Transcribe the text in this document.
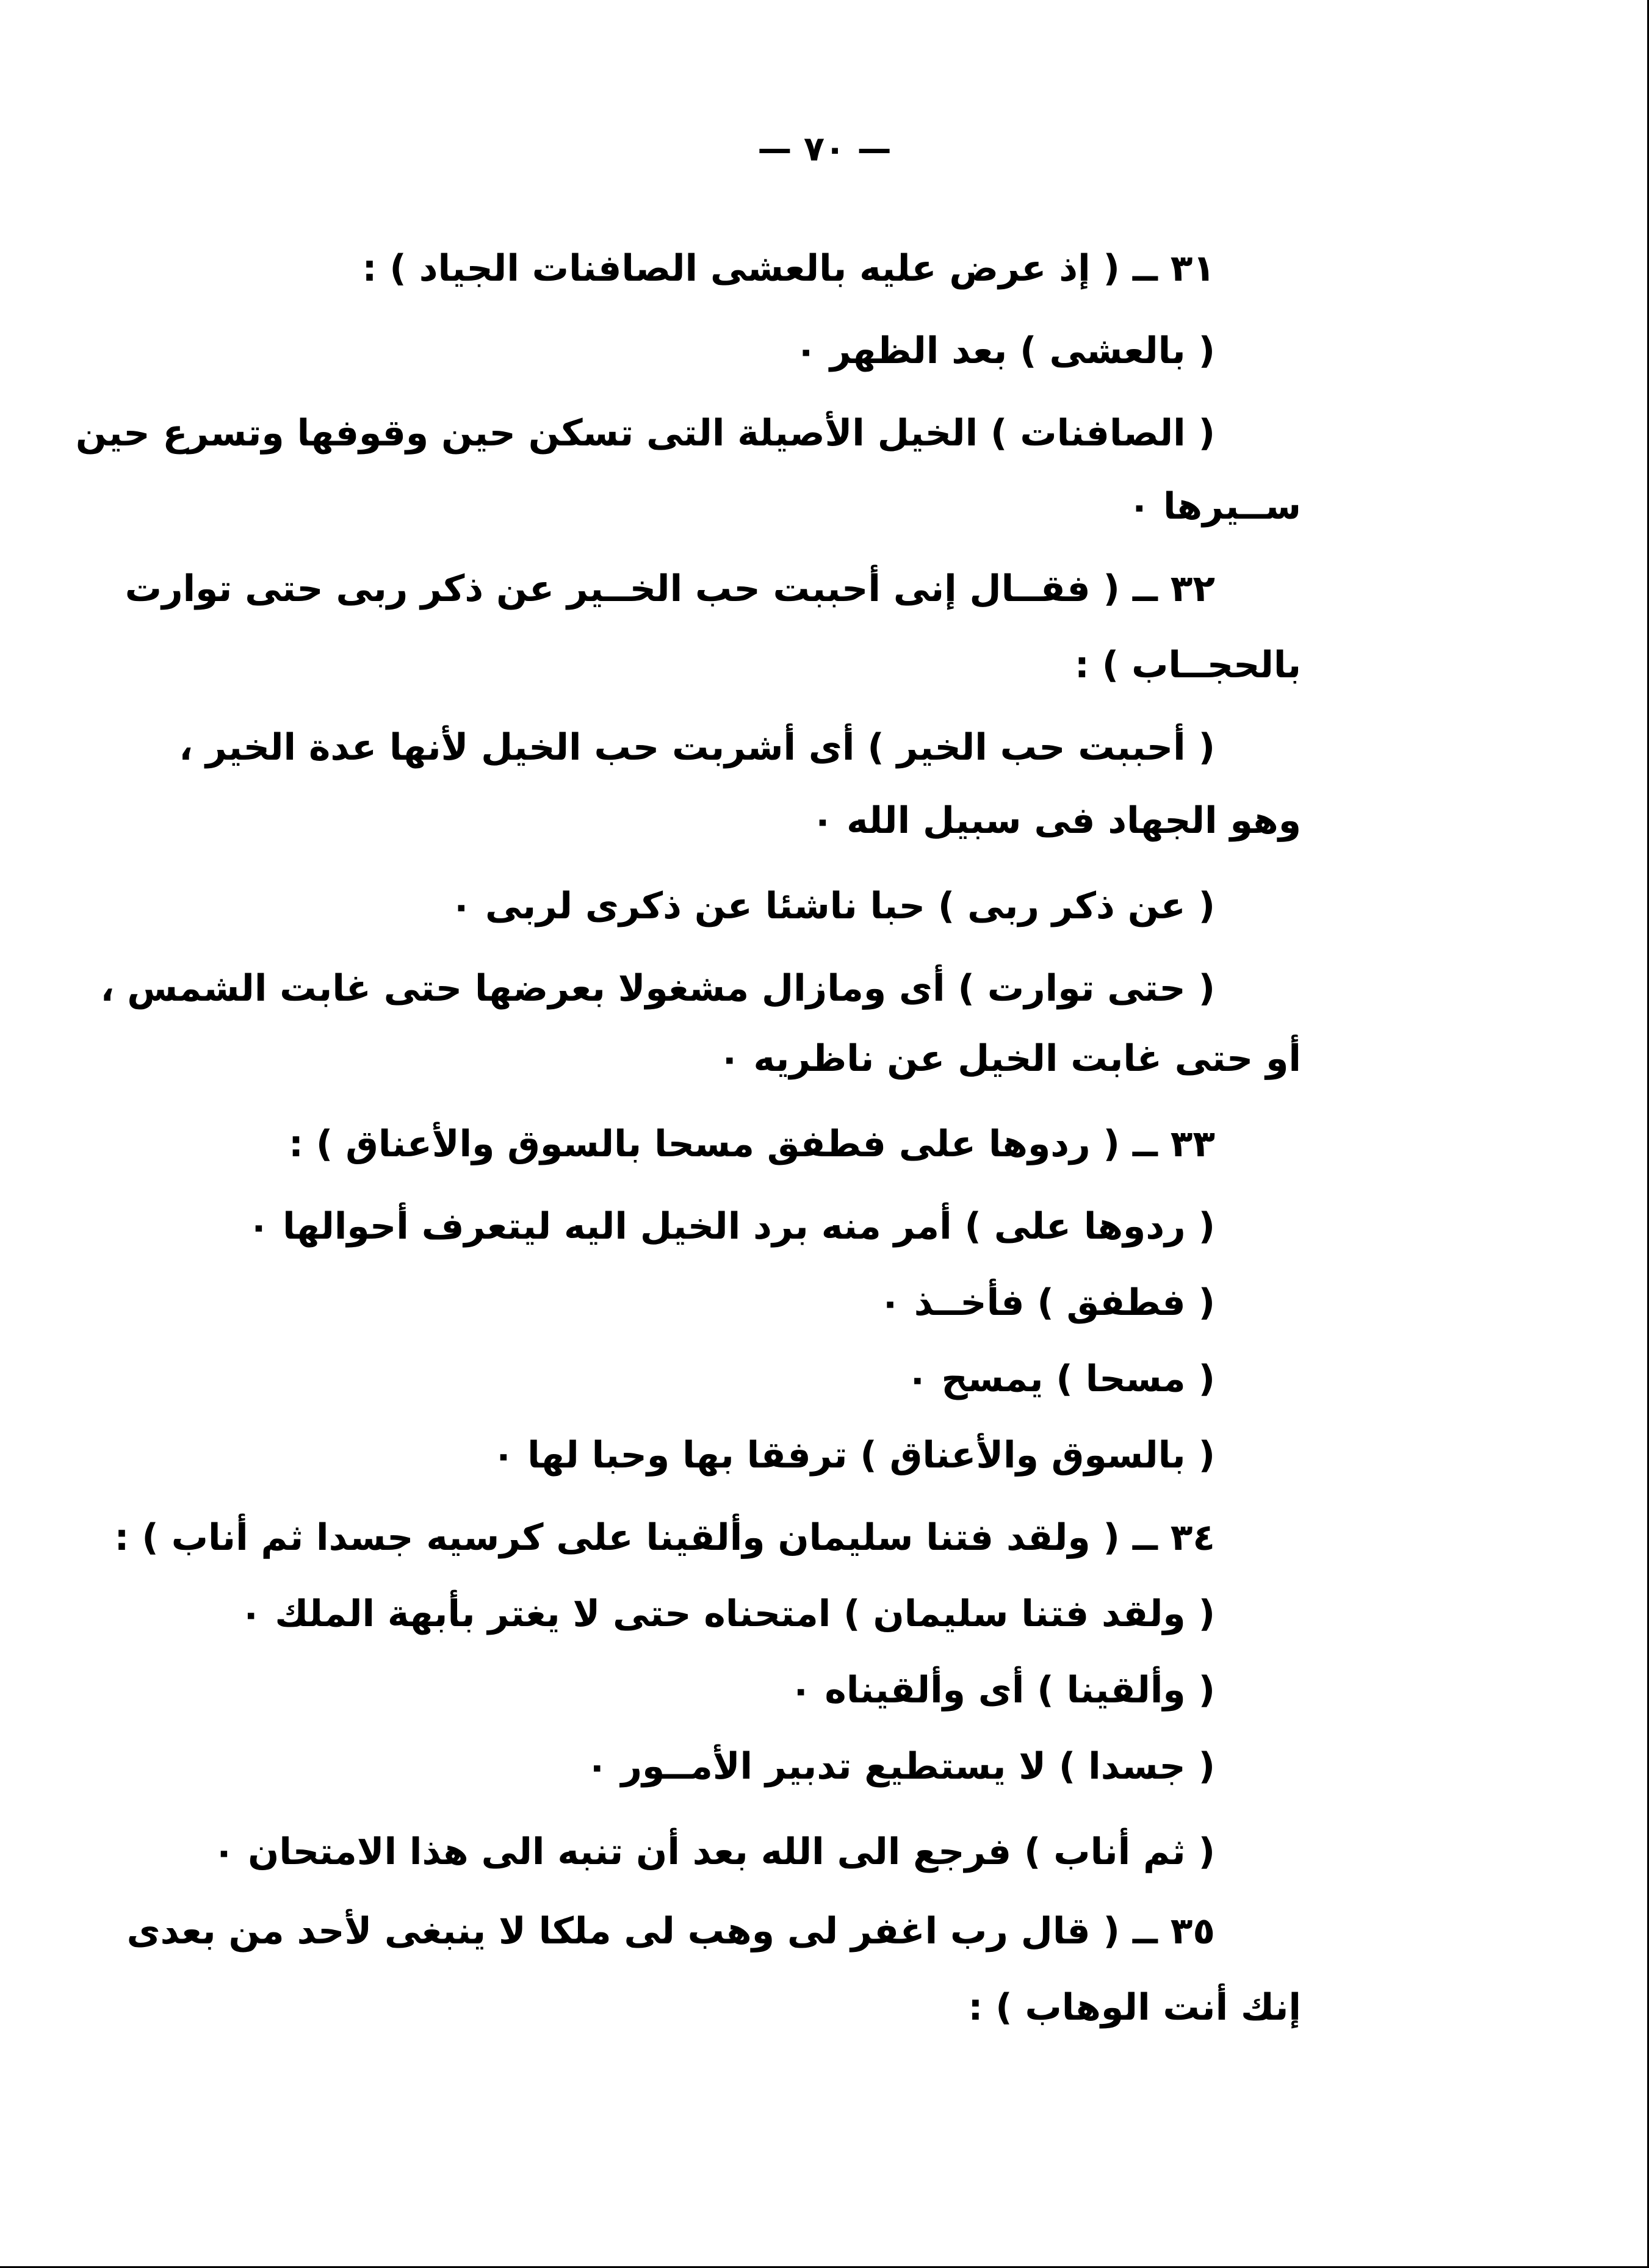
— ٧٠ —
٣١ ــ ( إذ عرض عليه بالعشى الصافنات الجياد ) :
( بالعشى ) بعد الظهر ٠
( الصافنات ) الخيل الأصيلة التى تسكن حين وقوفها وتسرع حين
ســيرها ٠
٣٢ ــ ( فقــال إنى أحببت حب الخــير عن ذكر ربى حتى توارت
بالحجــاب ) :
( أحببت حب الخير ) أى أشربت حب الخيل لأنها عدة الخير ،
وهو الجهاد فى سبيل الله ٠
( عن ذكر ربى ) حبا ناشئا عن ذكرى لربى ٠
( حتى توارت ) أى ومازال مشغولا بعرضها حتى غابت الشمس ،
أو حتى غابت الخيل عن ناظريه ٠
٣٣ ــ ( ردوها على فطفق مسحا بالسوق والأعناق ) :
( ردوها على ) أمر منه برد الخيل اليه ليتعرف أحوالها ٠
( فطفق ) فأخــذ ٠
( مسحا ) يمسح ٠
( بالسوق والأعناق ) ترفقا بها وحبا لها ٠
٣٤ ــ ( ولقد فتنا سليمان وألقينا على كرسيه جسدا ثم أناب ) :
( ولقد فتنا سليمان ) امتحناه حتى لا يغتر بأبهة الملك ٠
( وألقينا ) أى وألقيناه ٠
( جسدا ) لا يستطيع تدبير الأمــور ٠
( ثم أناب ) فرجع الى الله بعد أن تنبه الى هذا الامتحان ٠
٣٥ ــ ( قال رب اغفر لى وهب لى ملكا لا ينبغى لأحد من بعدى
إنك أنت الوهاب ) :
